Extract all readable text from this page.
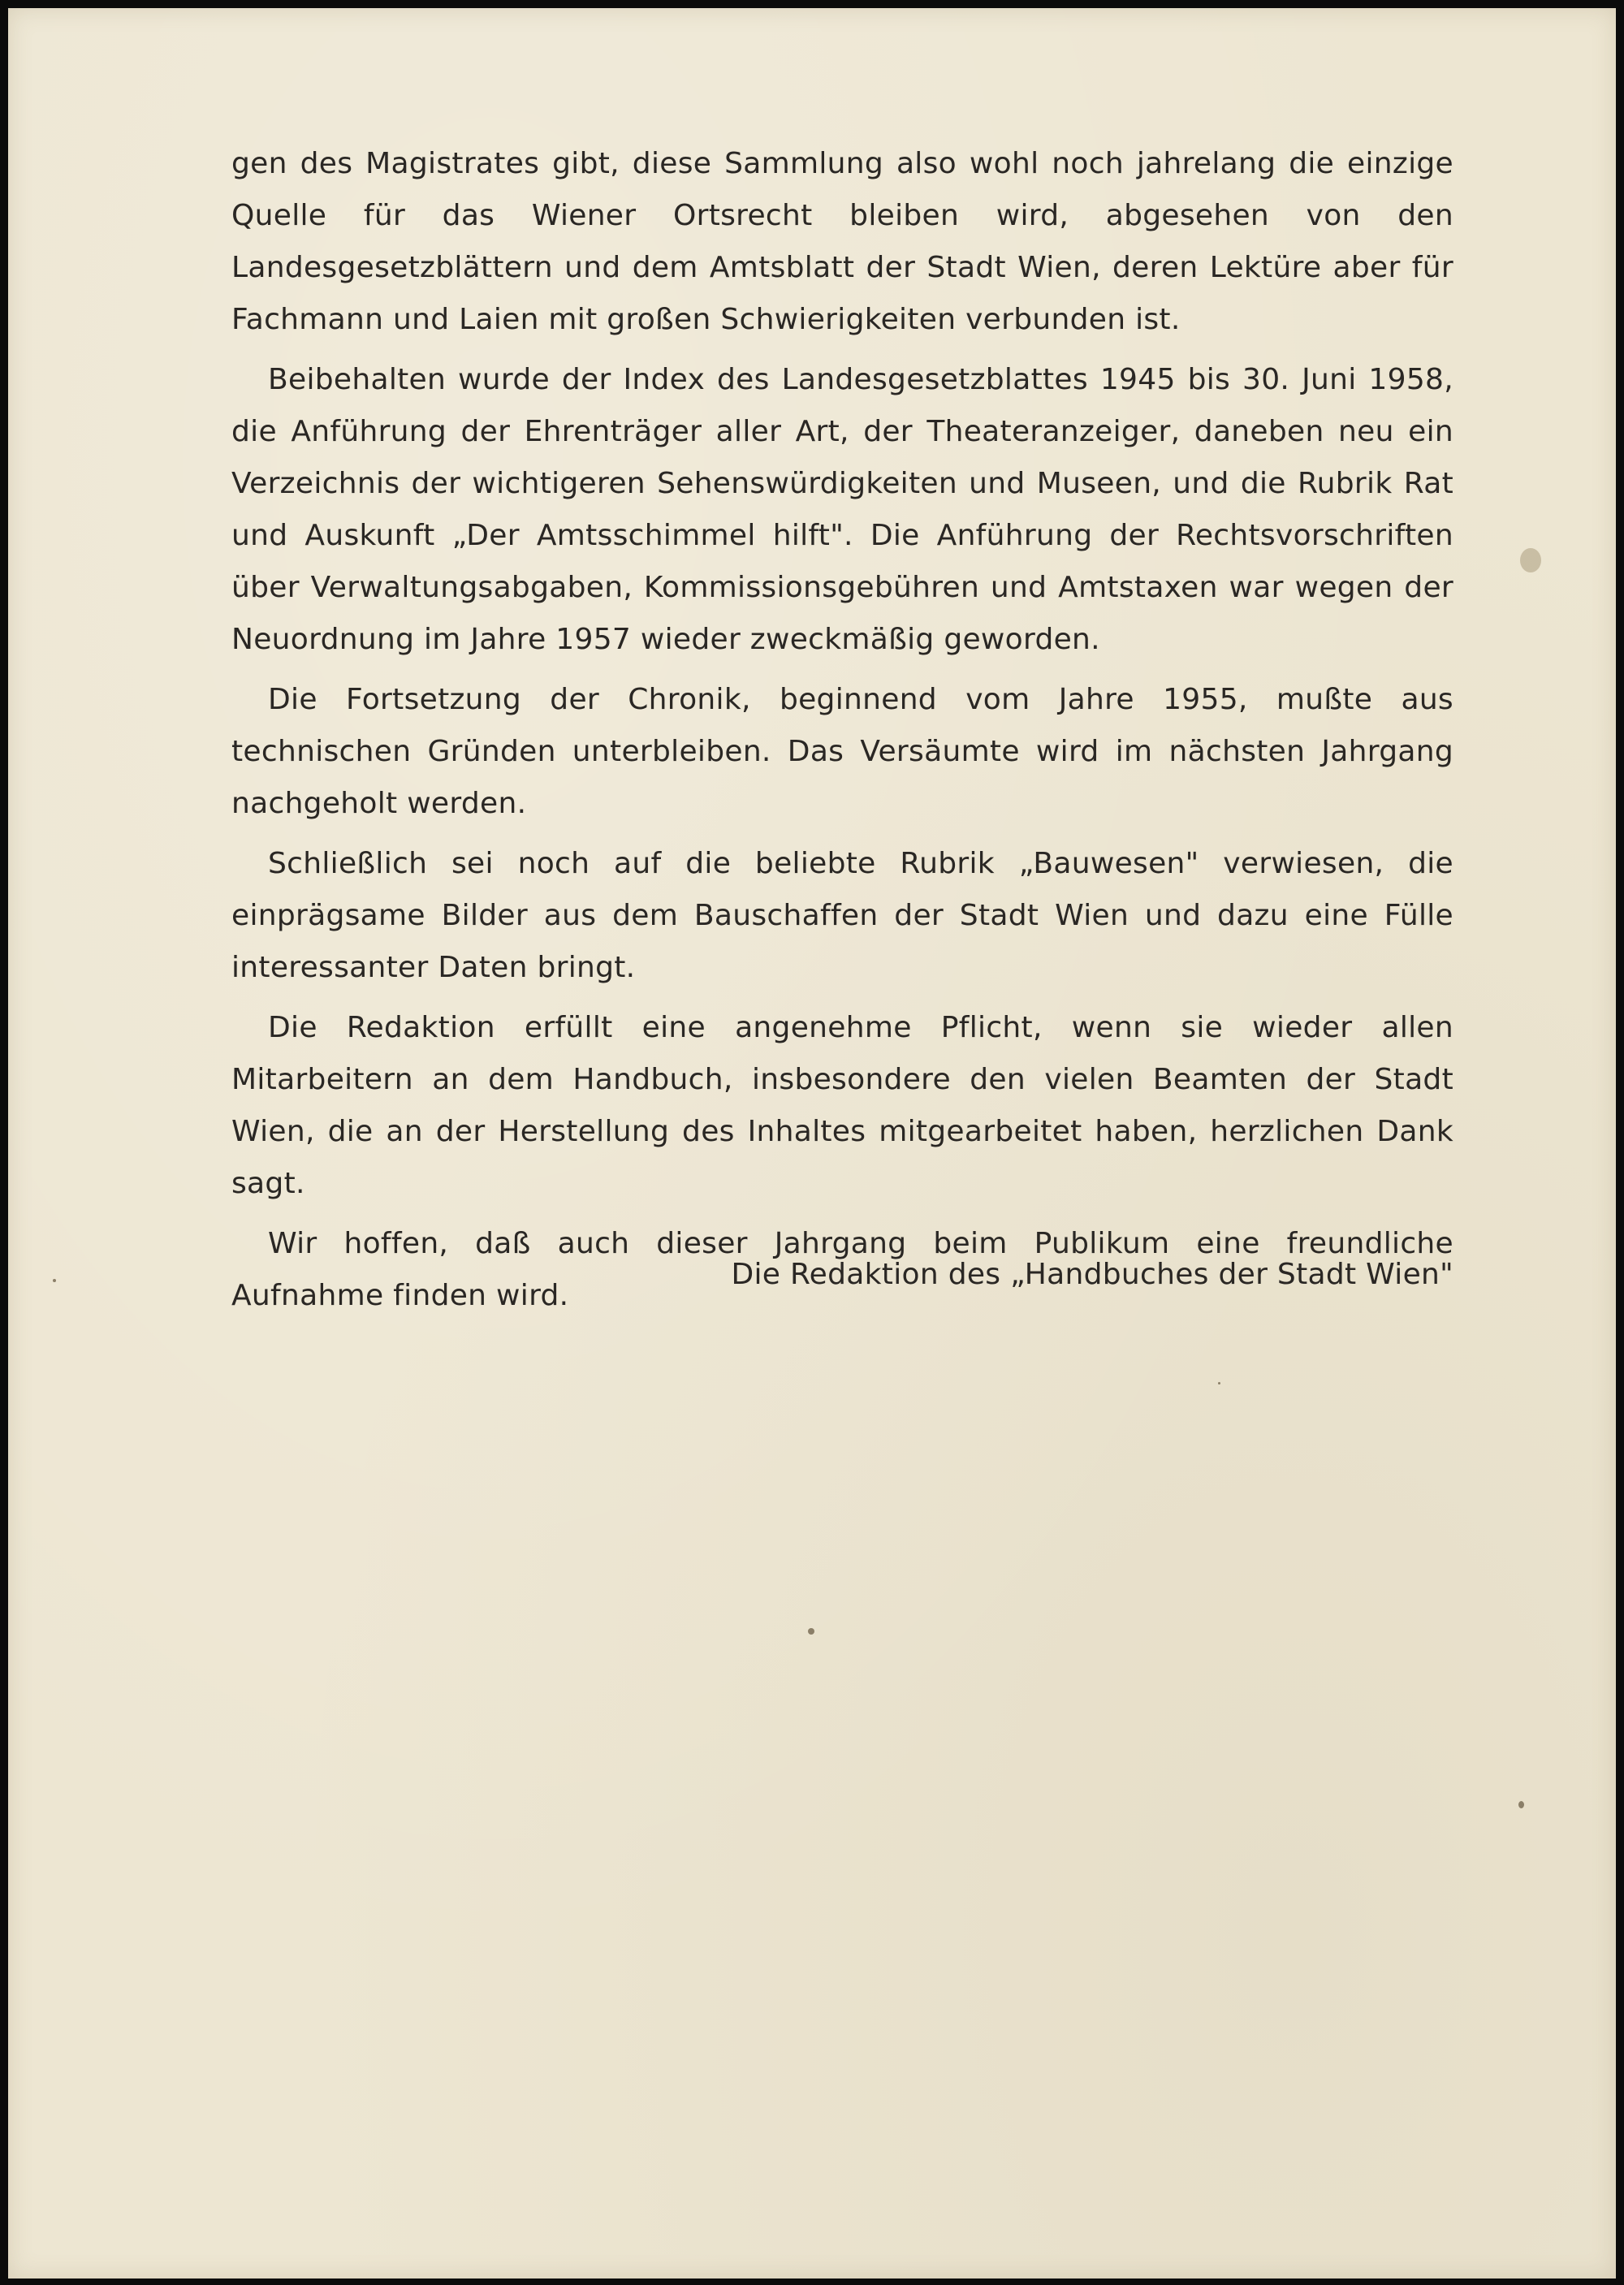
gen des Magistrates gibt, diese Sammlung also wohl noch jahrelang die einzige Quelle für das Wiener Ortsrecht bleiben wird, abgesehen von den Landesgesetzblättern und dem Amtsblatt der Stadt Wien, deren Lektüre aber für Fachmann und Laien mit großen Schwierigkeiten verbunden ist.

Beibehalten wurde der Index des Landesgesetzblattes 1945 bis 30. Juni 1958, die Anführung der Ehrenträger aller Art, der Theateranzeiger, daneben neu ein Verzeichnis der wichtigeren Sehenswürdigkeiten und Museen, und die Rubrik Rat und Auskunft „Der Amtsschimmel hilft". Die Anführung der Rechtsvorschriften über Verwaltungsabgaben, Kommissionsgebühren und Amtstaxen war wegen der Neuordnung im Jahre 1957 wieder zweckmäßig geworden.

Die Fortsetzung der Chronik, beginnend vom Jahre 1955, mußte aus technischen Gründen unterbleiben. Das Versäumte wird im nächsten Jahrgang nachgeholt werden.

Schließlich sei noch auf die beliebte Rubrik „Bauwesen" verwiesen, die einprägsame Bilder aus dem Bauschaffen der Stadt Wien und dazu eine Fülle interessanter Daten bringt.

Die Redaktion erfüllt eine angenehme Pflicht, wenn sie wieder allen Mitarbeitern an dem Handbuch, insbesondere den vielen Beamten der Stadt Wien, die an der Herstellung des Inhaltes mitgearbeitet haben, herzlichen Dank sagt.

Wir hoffen, daß auch dieser Jahrgang beim Publikum eine freundliche Aufnahme finden wird.

Die Redaktion des „Handbuches der Stadt Wien"
